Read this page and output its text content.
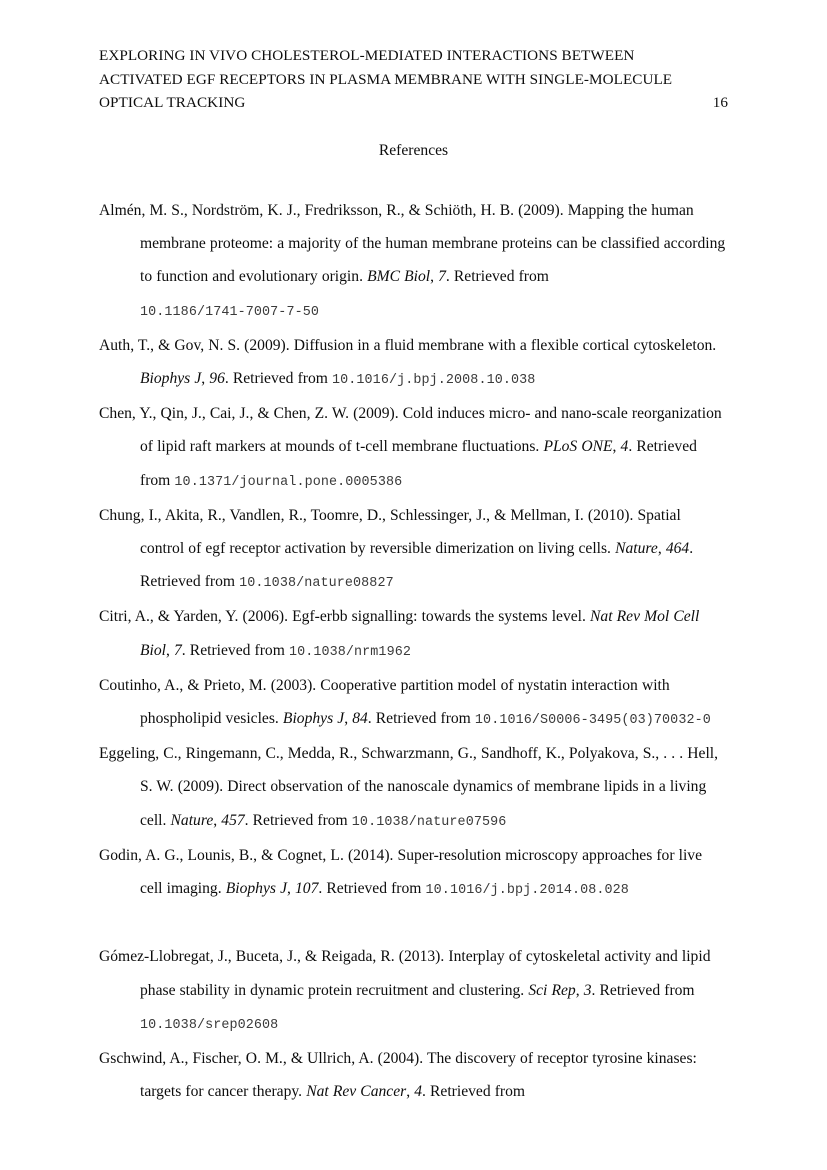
EXPLORING IN VIVO CHOLESTEROL-MEDIATED INTERACTIONS BETWEEN
ACTIVATED EGF RECEPTORS IN PLASMA MEMBRANE WITH SINGLE-MOLECULE
OPTICAL TRACKING	16
References

Almén, M. S., Nordström, K. J., Fredriksson, R., & Schiöth, H. B. (2009). Mapping the human membrane proteome: a majority of the human membrane proteins can be classified according to function and evolutionary origin. BMC Biol, 7. Retrieved from 10.1186/1741-7007-7-50

Auth, T., & Gov, N. S. (2009). Diffusion in a fluid membrane with a flexible cortical cytoskeleton. Biophys J, 96. Retrieved from 10.1016/j.bpj.2008.10.038

Chen, Y., Qin, J., Cai, J., & Chen, Z. W. (2009). Cold induces micro- and nano-scale reorganization of lipid raft markers at mounds of t-cell membrane fluctuations. PLoS ONE, 4. Retrieved from 10.1371/journal.pone.0005386

Chung, I., Akita, R., Vandlen, R., Toomre, D., Schlessinger, J., & Mellman, I. (2010). Spatial control of egf receptor activation by reversible dimerization on living cells. Nature, 464. Retrieved from 10.1038/nature08827

Citri, A., & Yarden, Y. (2006). Egf-erbb signalling: towards the systems level. Nat Rev Mol Cell Biol, 7. Retrieved from 10.1038/nrm1962

Coutinho, A., & Prieto, M. (2003). Cooperative partition model of nystatin interaction with phospholipid vesicles. Biophys J, 84. Retrieved from 10.1016/S0006-3495(03)70032-0

Eggeling, C., Ringemann, C., Medda, R., Schwarzmann, G., Sandhoff, K., Polyakova, S., . . . Hell, S. W. (2009). Direct observation of the nanoscale dynamics of membrane lipids in a living cell. Nature, 457. Retrieved from 10.1038/nature07596

Godin, A. G., Lounis, B., & Cognet, L. (2014). Super-resolution microscopy approaches for live cell imaging. Biophys J, 107. Retrieved from 10.1016/j.bpj.2014.08.028

Gómez-Llobregat, J., Buceta, J., & Reigada, R. (2013). Interplay of cytoskeletal activity and lipid phase stability in dynamic protein recruitment and clustering. Sci Rep, 3. Retrieved from 10.1038/srep02608

Gschwind, A., Fischer, O. M., & Ullrich, A. (2004). The discovery of receptor tyrosine kinases: targets for cancer therapy. Nat Rev Cancer, 4. Retrieved from
